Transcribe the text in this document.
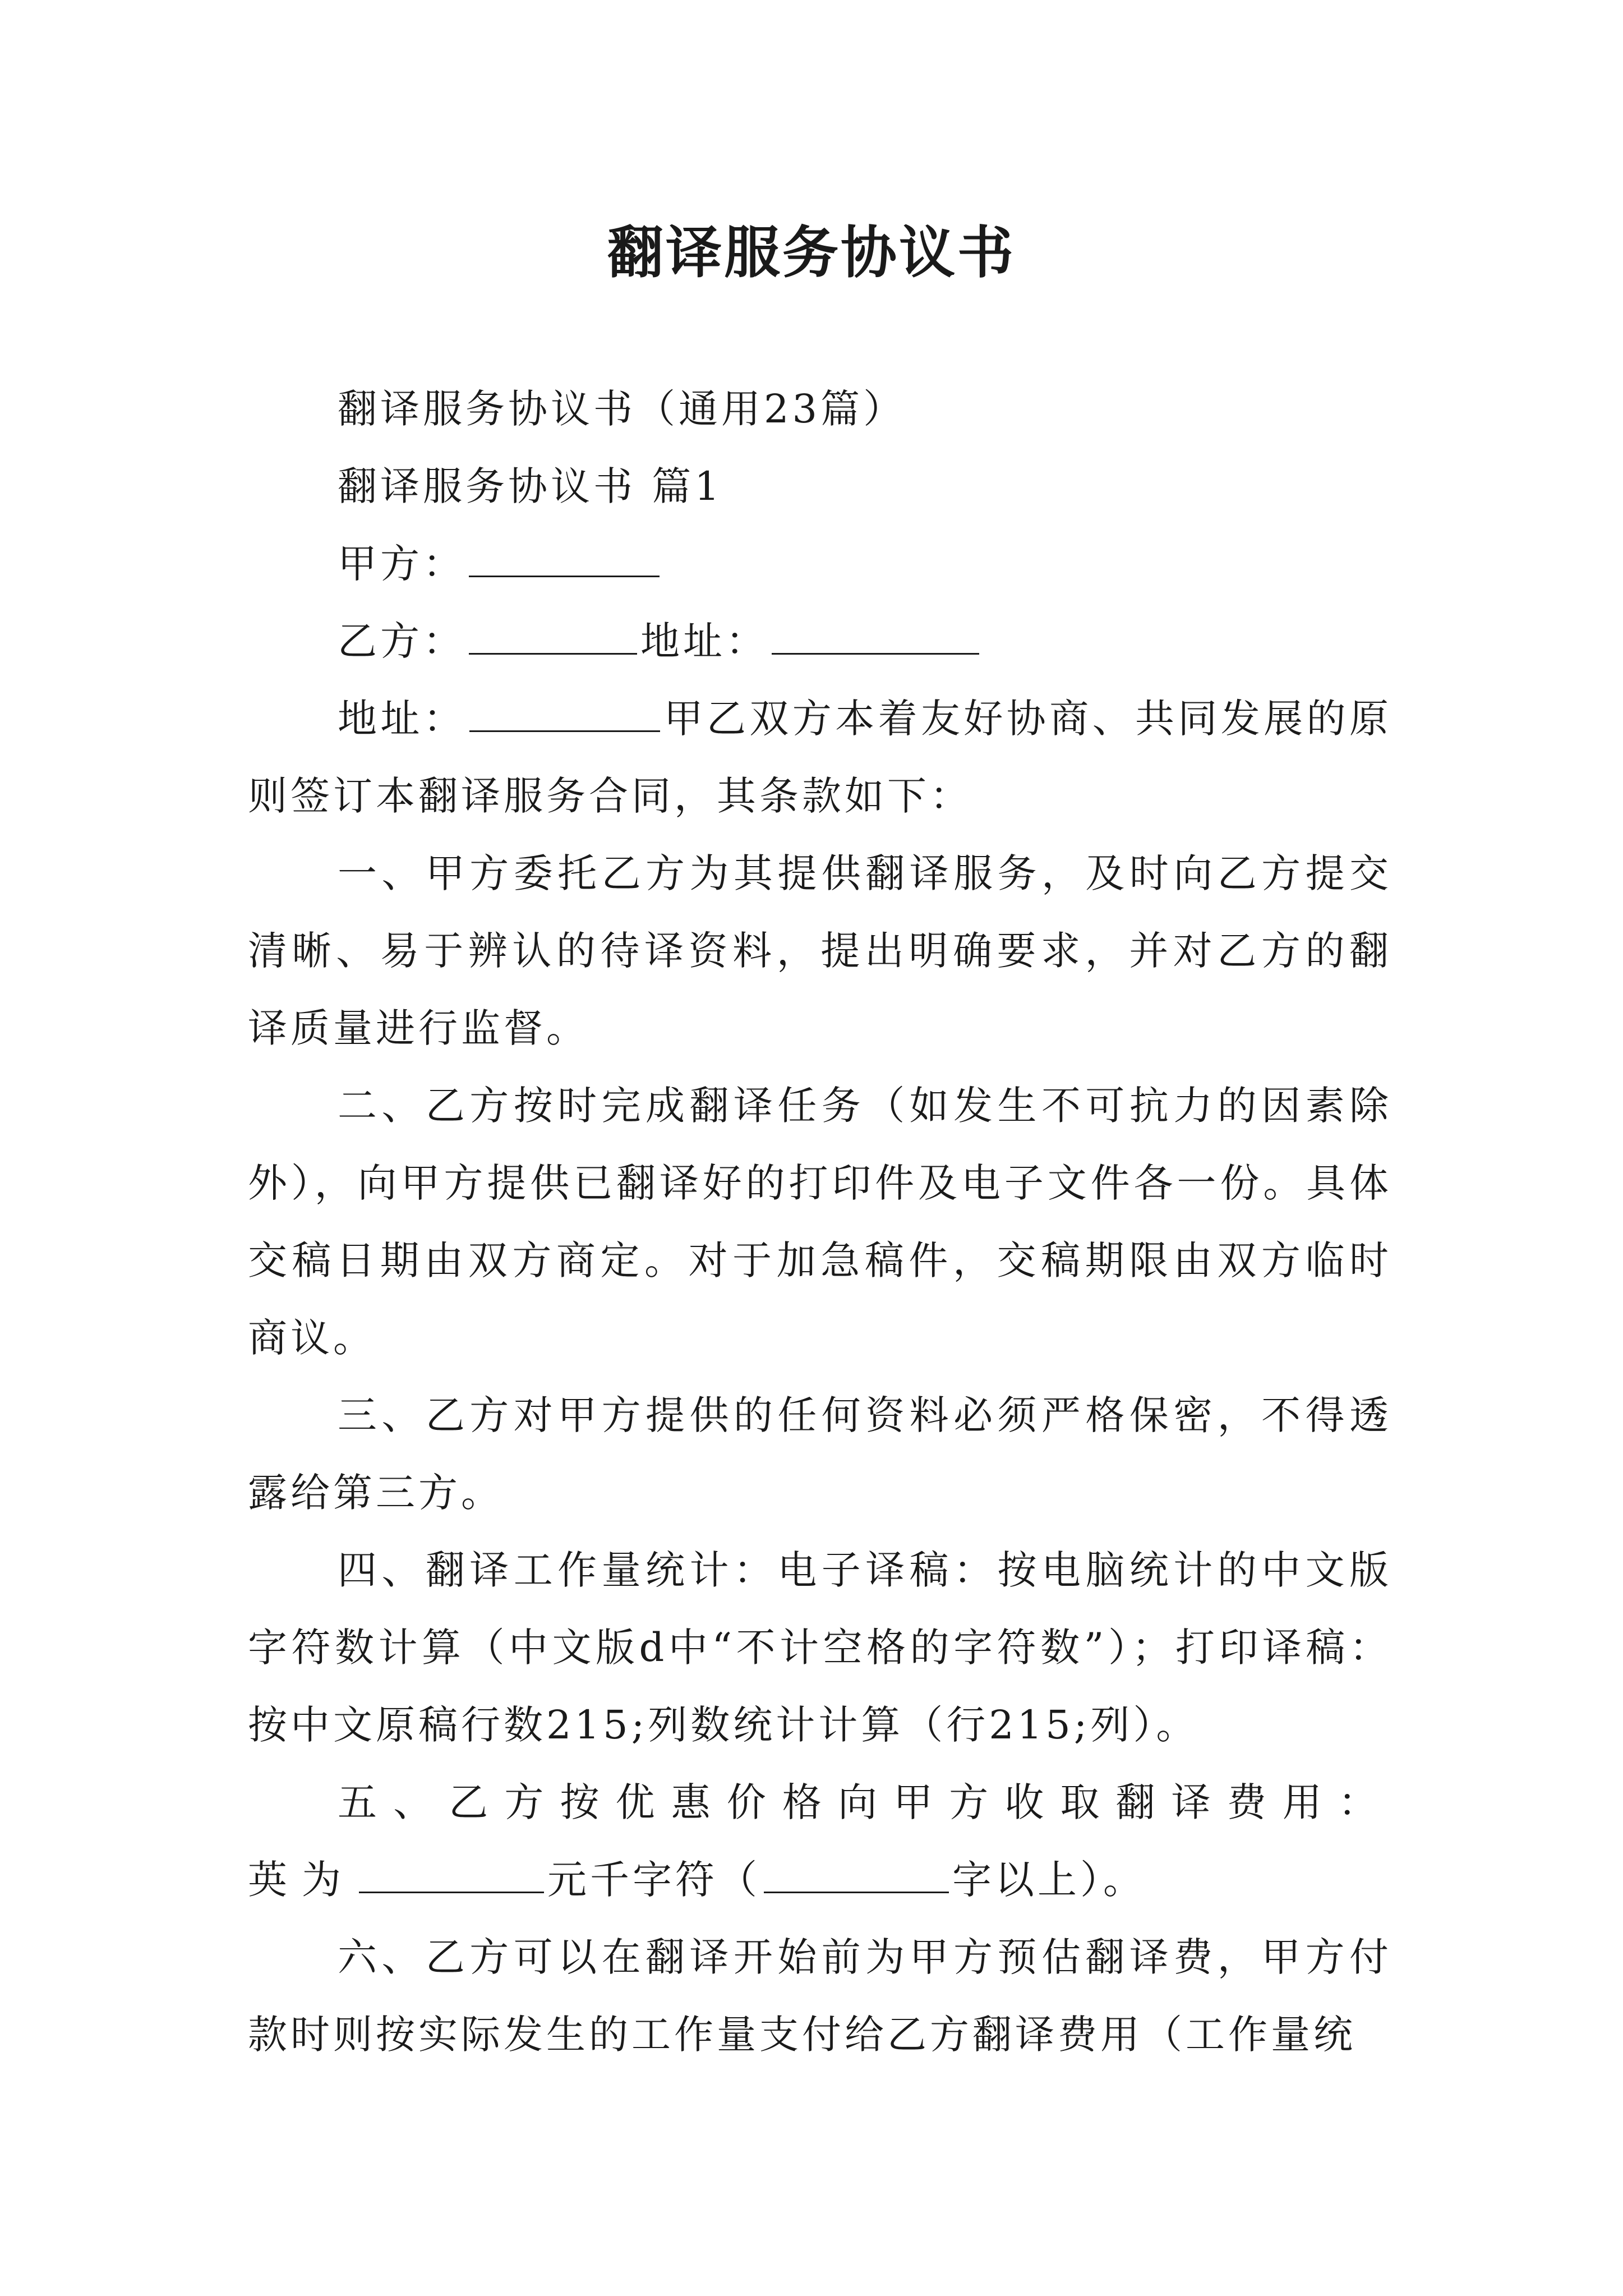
翻译服务协议书

翻译服务协议书（通用23篇）

翻译服务协议书 篇1

甲方：

乙方：	地址：

地址：	甲乙双方本着友好协商、共同发展的原则签订本翻译服务合同，其条款如下：

一、甲方委托乙方为其提供翻译服务，及时向乙方提交清晰、易于辨认的待译资料，提出明确要求，并对乙方的翻译质量进行监督。

二、乙方按时完成翻译任务（如发生不可抗力的因素除外），向甲方提供已翻译好的打印件及电子文件各一份。具体交稿日期由双方商定。对于加急稿件，交稿期限由双方临时商议。

三、乙方对甲方提供的任何资料必须严格保密，不得透露给第三方。

四、翻译工作量统计：电子译稿：按电脑统计的中文版字符数计算（中文版d中“不计空格的字符数”）；打印译稿：按中文原稿行数215;列数统计计算（行215;列）。

五、乙方按优惠价格向甲方收取翻译费用：英为	元千字符（	字以上）。

六、乙方可以在翻译开始前为甲方预估翻译费，甲方付款时则按实际发生的工作量支付给乙方翻译费用（工作量统
